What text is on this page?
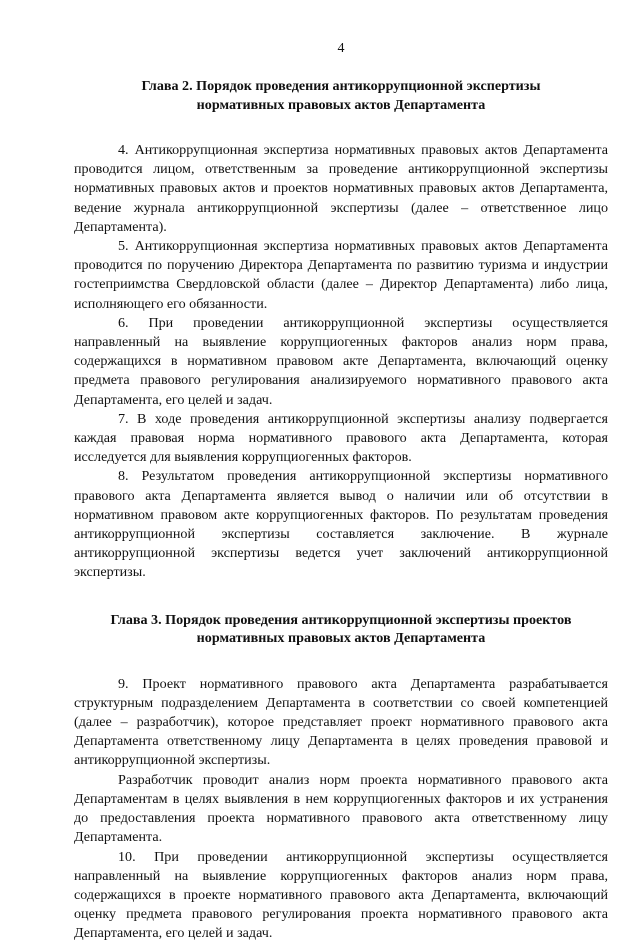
4
Глава 2. Порядок проведения антикоррупционной экспертизы
нормативных правовых актов Департамента

4. Антикоррупционная экспертиза нормативных правовых актов Департамента проводится лицом, ответственным за проведение антикоррупционной экспертизы нормативных правовых актов и проектов нормативных правовых актов Департамента, ведение журнала антикоррупционной экспертизы (далее – ответственное лицо Департамента).

5. Антикоррупционная экспертиза нормативных правовых актов Департамента проводится по поручению Директора Департамента по развитию туризма и индустрии гостеприимства Свердловской области (далее – Директор Департамента) либо лица, исполняющего его обязанности.

6. При проведении антикоррупционной экспертизы осуществляется направленный на выявление коррупциогенных факторов анализ норм права, содержащихся в нормативном правовом акте Департамента, включающий оценку предмета правового регулирования анализируемого нормативного правового акта Департамента, его целей и задач.

7. В ходе проведения антикоррупционной экспертизы анализу подвергается каждая правовая норма нормативного правового акта Департамента, которая исследуется для выявления коррупциогенных факторов.

8. Результатом проведения антикоррупционной экспертизы нормативного правового акта Департамента является вывод о наличии или об отсутствии в нормативном правовом акте коррупциогенных факторов. По результатам проведения антикоррупционной экспертизы составляется заключение. В журнале антикоррупционной экспертизы ведется учет заключений антикоррупционной экспертизы.

Глава 3. Порядок проведения антикоррупционной экспертизы проектов
нормативных правовых актов Департамента

9. Проект нормативного правового акта Департамента разрабатывается структурным подразделением Департамента в соответствии со своей компетенцией (далее – разработчик), которое представляет проект нормативного правового акта Департамента ответственному лицу Департамента в целях проведения правовой и антикоррупционной экспертизы.

Разработчик проводит анализ норм проекта нормативного правового акта Департаментам в целях выявления в нем коррупциогенных факторов и их устранения до предоставления проекта нормативного правового акта ответственному лицу Департамента.

10. При проведении антикоррупционной экспертизы осуществляется направленный на выявление коррупциогенных факторов анализ норм права, содержащихся в проекте нормативного правового акта Департамента, включающий оценку предмета правового регулирования проекта нормативного правового акта Департамента, его целей и задач.
